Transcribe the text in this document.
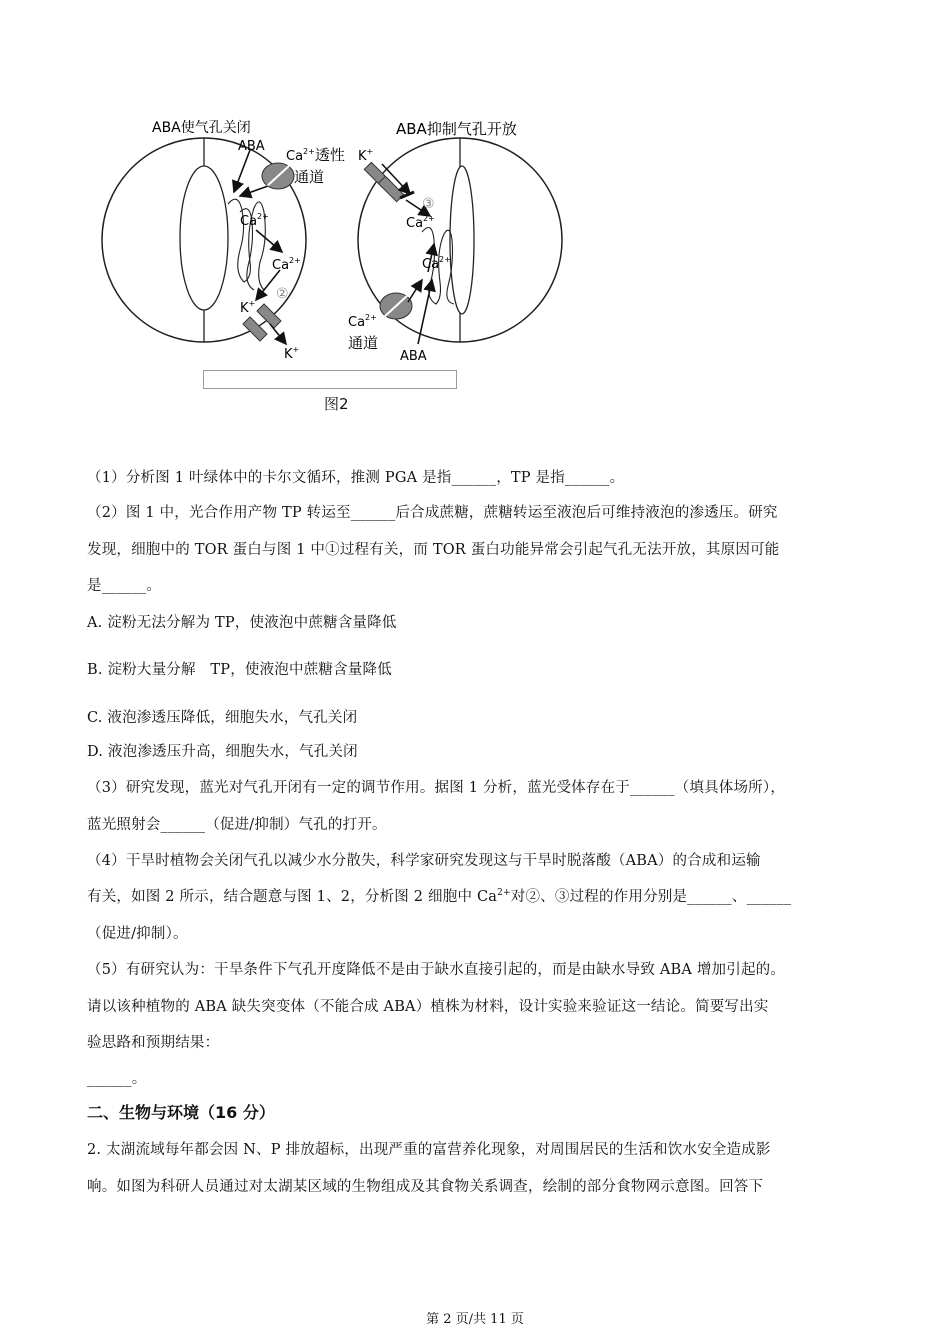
ABA使气孔关闭	ABA抑制气孔开放
ABA
$Ca^{2+}$透性
通道
$Ca^{2+}$
$Ca^{2+}$
②
K+
K+
K+
③
$Ca^{2+}$
$Ca^{2+}$
$Ca^{2+}$
通道
ABA
图2
（1）分析图 1 叶绿体中的卡尔文循环，推测 PGA 是指______，TP 是指______。
（2）图 1 中，光合作用产物 TP 转运至______后合成蔗糖，蔗糖转运至液泡后可维持液泡的渗透压。研究
发现，细胞中的 TOR 蛋白与图 1 中①过程有关，而 TOR 蛋白功能异常会引起气孔无法开放，其原因可能
是______。
A. 淀粉无法分解为 TP，使液泡中蔗糖含量降低
B. 淀粉大量分解　TP，使液泡中蔗糖含量降低
C. 液泡渗透压降低，细胞失水，气孔关闭
D. 液泡渗透压升高，细胞失水，气孔关闭
（3）研究发现，蓝光对气孔开闭有一定的调节作用。据图 1 分析，蓝光受体存在于______（填具体场所），
蓝光照射会______（促进/抑制）气孔的打开。
（4）干旱时植物会关闭气孔以减少水分散失，科学家研究发现这与干旱时脱落酸（ABA）的合成和运输
有关，如图 2 所示，结合题意与图 1、2，分析图 2 细胞中 $Ca^{2+}$对②、③过程的作用分别是______、______
（促进/抑制）。
（5）有研究认为：干旱条件下气孔开度降低不是由于缺水直接引起的，而是由缺水导致 ABA 增加引起的。
请以该种植物的 ABA 缺失突变体（不能合成 ABA）植株为材料，设计实验来验证这一结论。简要写出实
验思路和预期结果：
______。
二、生物与环境（16 分）
2. 太湖流域每年都会因 N、P 排放超标，出现严重的富营养化现象，对周围居民的生活和饮水安全造成影
响。如图为科研人员通过对太湖某区域的生物组成及其食物关系调查，绘制的部分食物网示意图。回答下
第 2 页/共 11 页
